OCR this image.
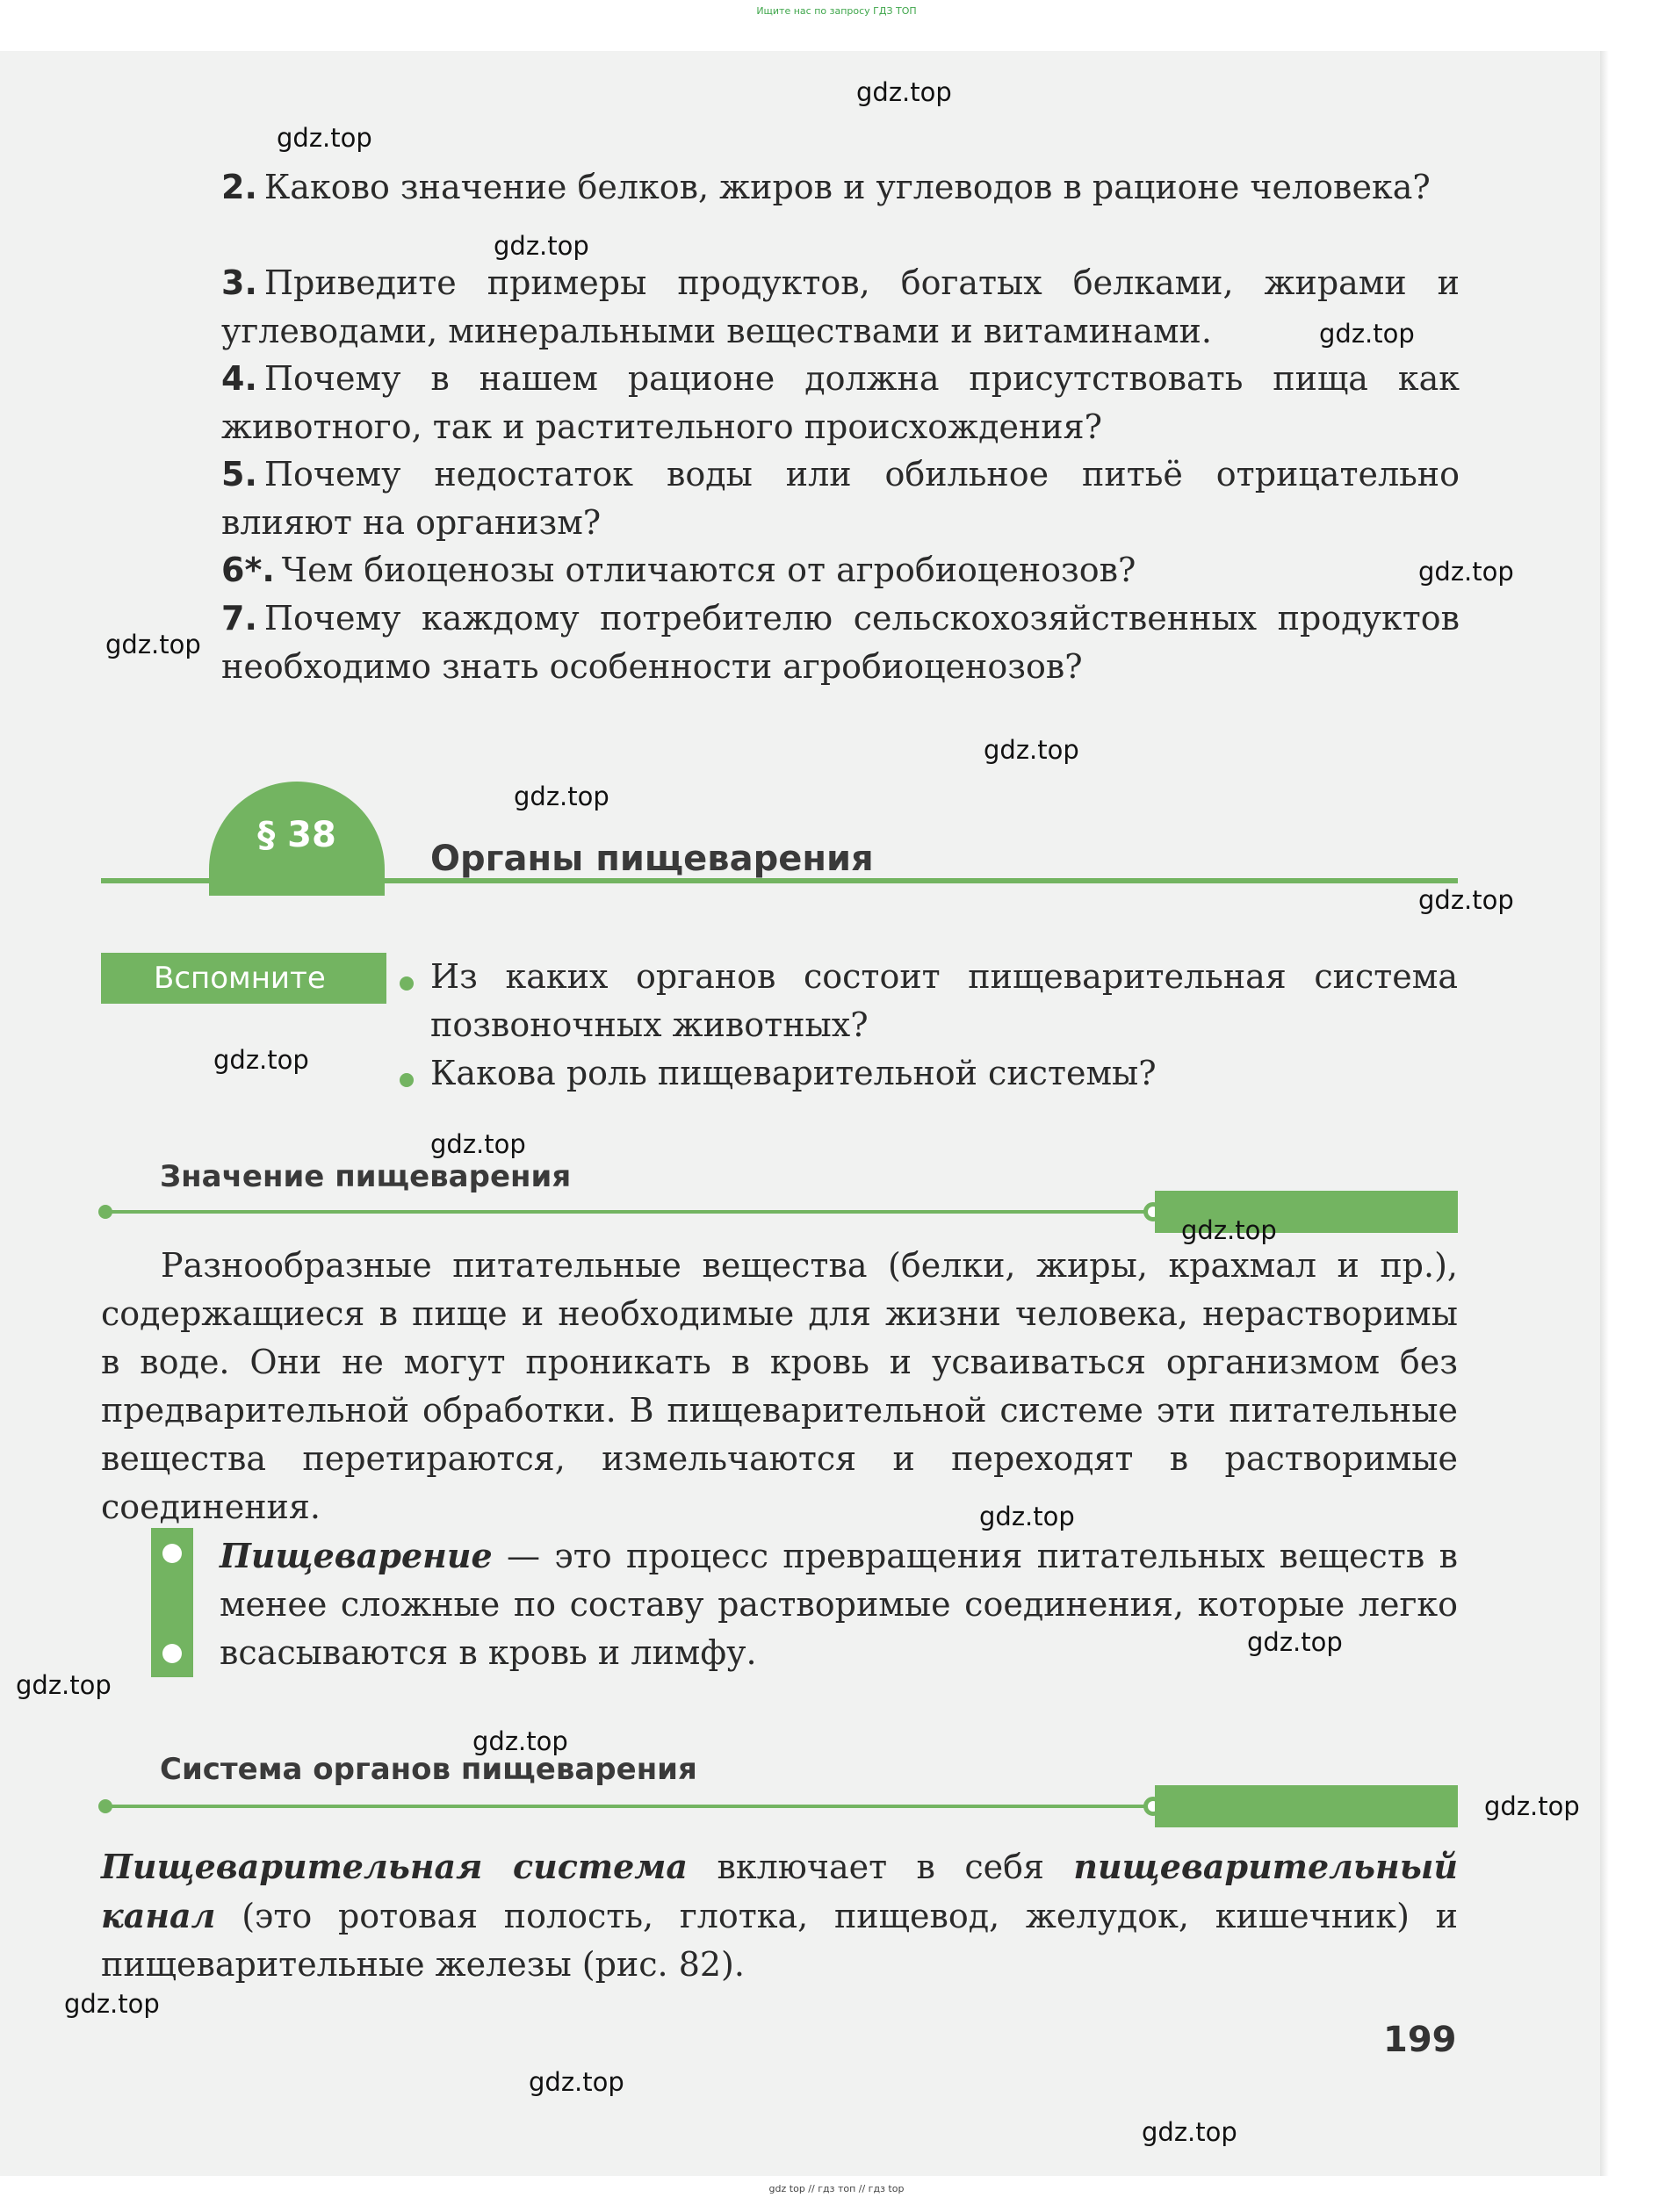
Ищите нас по запросу ГДЗ ТОП
2. Каково значение белков, жиров и углеводов в рационе человека?
3. Приведите примеры продуктов, богатых белками, жирами и углеводами, минеральными веществами и витаминами.
4. Почему в нашем рационе должна присутствовать пища как животного, так и растительного происхождения?
5. Почему недостаток воды или обильное питьё отрицательно влияют на организм?
6*. Чем биоценозы отличаются от агробиоценозов?
7. Почему каждому потребителю сельскохозяйственных продуктов необходимо знать особенности агробиоценозов?
§ 38
Органы пищеварения
Вспомните	Из каких органов состоит пищеварительная система позвоночных животных?
Какова роль пищеварительной системы?
Значение пищеварения
Разнообразные питательные вещества (белки, жиры, крахмал и пр.), содержащиеся в пище и необходимые для жизни человека, нерастворимы в воде. Они не могут проникать в кровь и усваиваться организмом без предварительной обработки. В пищеварительной системе эти питательные вещества перетираются, измельчаются и переходят в растворимые соединения.
Пищеварение — это процесс превращения питательных веществ в менее сложные по составу растворимые соединения, которые легко всасываются в кровь и лимфу.
Система органов пищеварения
Пищеварительная система включает в себя пищеварительный канал (это ротовая полость, глотка, пищевод, желудок, кишечник) и пищеварительные железы (рис. 82).
199
gdz.top
gdz.top
gdz.top
gdz.top
gdz.top
gdz.top
gdz.top
gdz.top
gdz.top
gdz.top
gdz.top
gdz.top
gdz.top
gdz.top
gdz.top
gdz.top
gdz.top
gdz.top
gdz.top
gdz.top
gdz top // гдз топ // гдз top
